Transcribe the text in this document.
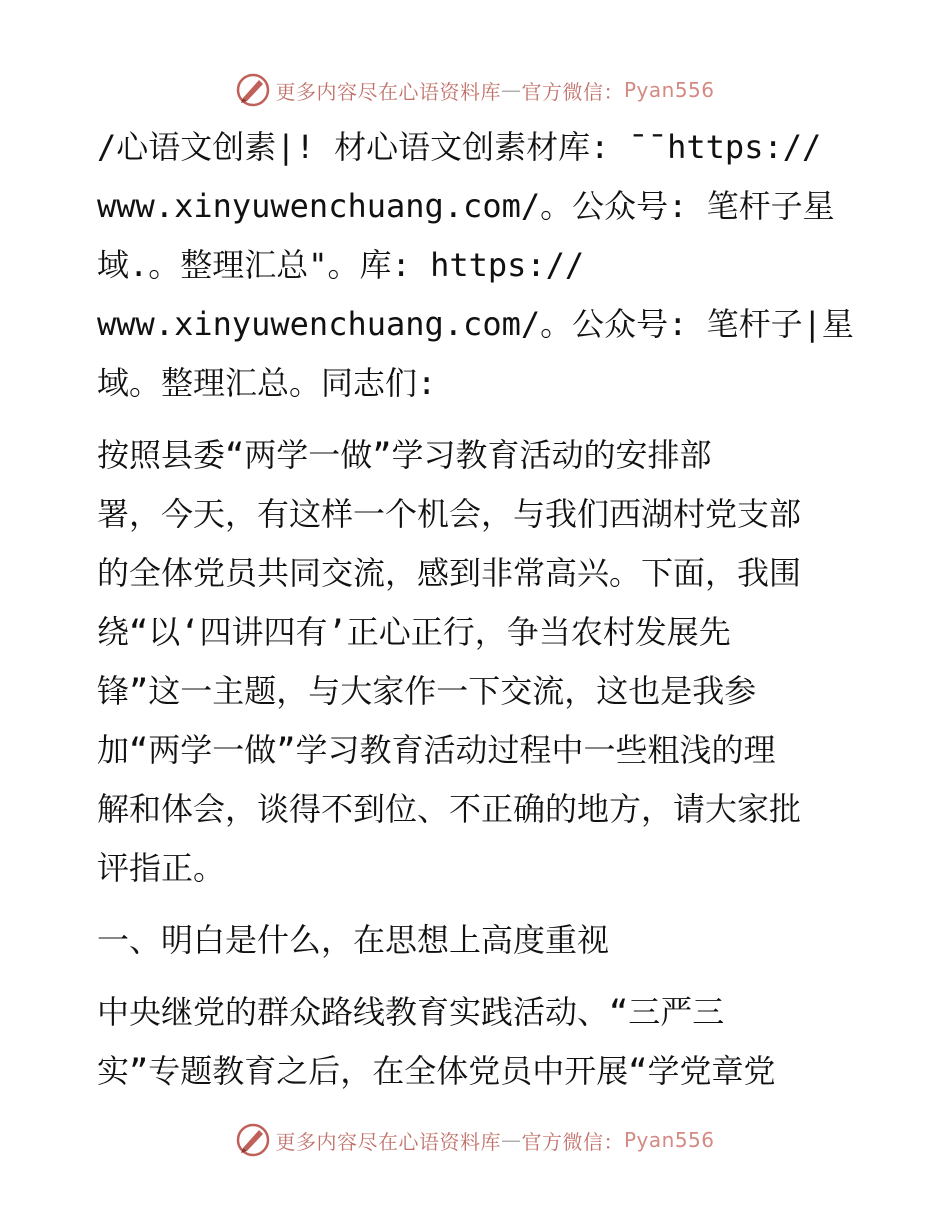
更多内容尽在心语资料库 — 官方微信： Pyan556

/心语文创素|! 材心语文创素材库: ¯¯https://

www.xinyuwenchuang.com/。公众号: 笔杆子星

域.。整理汇总"。库: https://

www.xinyuwenchuang.com/。公众号: 笔杆子|星

域。整理汇总。同志们:

按照县委“两学一做”学习教育活动的安排部

署，今天，有这样一个机会，与我们西湖村党支部

的全体党员共同交流，感到非常高兴。下面，我围

绕“以‘四讲四有’正心正行，争当农村发展先

锋”这一主题，与大家作一下交流，这也是我参

加“两学一做”学习教育活动过程中一些粗浅的理

解和体会，谈得不到位、不正确的地方，请大家批

评指正。

一、明白是什么，在思想上高度重视

中央继党的群众路线教育实践活动、“三严三

实”专题教育之后，在全体党员中开展“学党章党

更多内容尽在心语资料库 — 官方微信： Pyan556
